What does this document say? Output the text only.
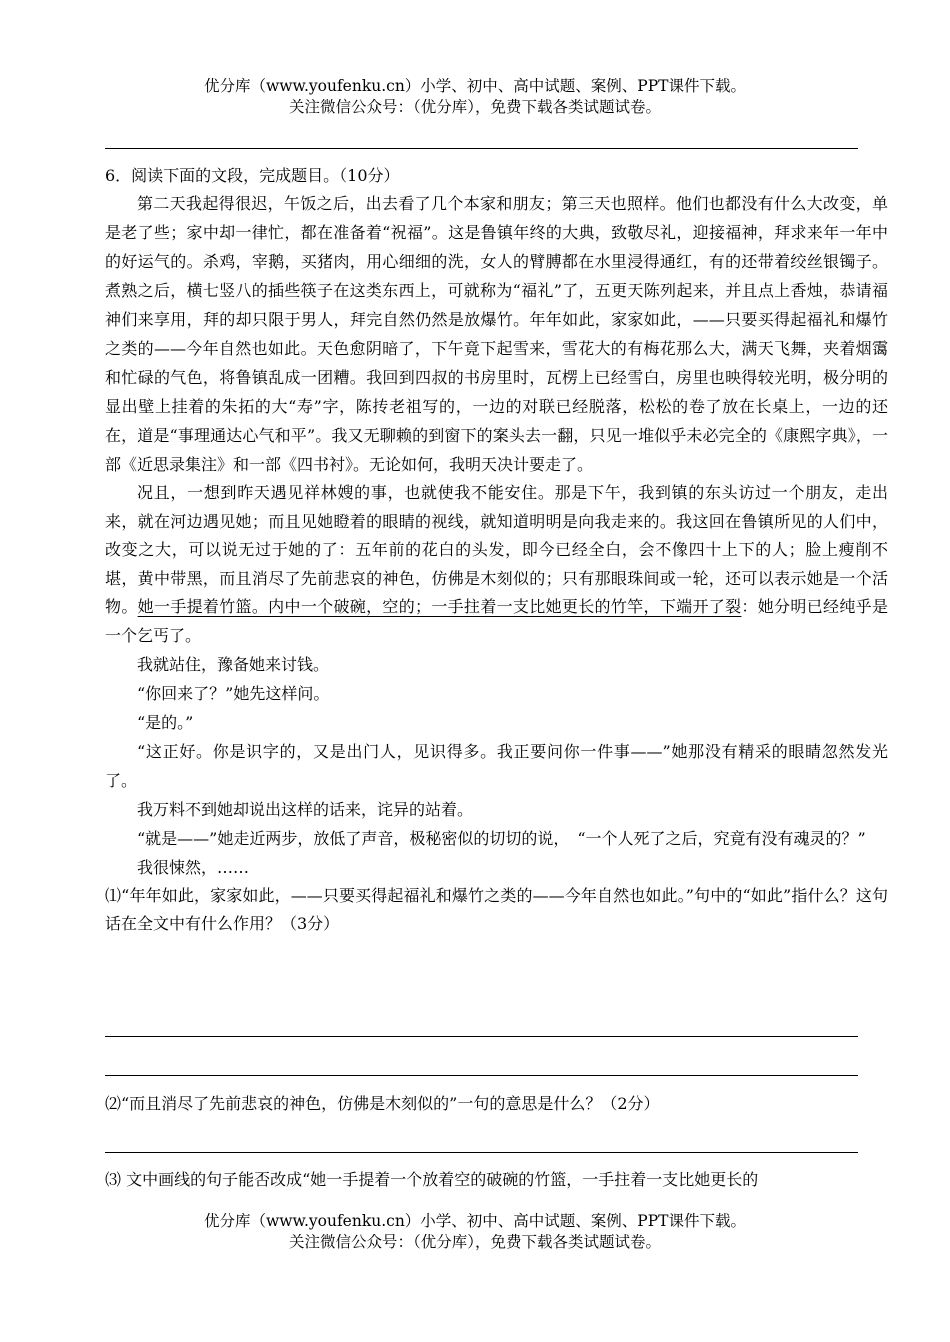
优分库（www.youfenku.cn）小学、初中、高中试题、案例、PPT课件下载。
关注微信公众号：（优分库），免费下载各类试题试卷。
6．阅读下面的文段，完成题目。（10分）

第二天我起得很迟，午饭之后，出去看了几个本家和朋友；第三天也照样。他们也都没有什么大改变，单是老了些；家中却一律忙，都在准备着“祝福”。这是鲁镇年终的大典，致敬尽礼，迎接福神，拜求来年一年中的好运气的。杀鸡，宰鹅，买猪肉，用心细细的洗，女人的臂膊都在水里浸得通红，有的还带着绞丝银镯子。煮熟之后，横七竖八的插些筷子在这类东西上，可就称为“福礼”了，五更天陈列起来，并且点上香烛，恭请福神们来享用，拜的却只限于男人，拜完自然仍然是放爆竹。年年如此，家家如此，——只要买得起福礼和爆竹之类的——今年自然也如此。天色愈阴暗了，下午竟下起雪来，雪花大的有梅花那么大，满天飞舞，夹着烟霭和忙碌的气色，将鲁镇乱成一团糟。我回到四叔的书房里时，瓦楞上已经雪白，房里也映得较光明，极分明的显出壁上挂着的朱拓的大“寿”字，陈抟老祖写的，一边的对联已经脱落，松松的卷了放在长桌上，一边的还在，道是“事理通达心气和平”。我又无聊赖的到窗下的案头去一翻，只见一堆似乎未必完全的《康熙字典》，一部《近思录集注》和一部《四书衬》。无论如何，我明天决计要走了。

况且，一想到昨天遇见祥林嫂的事，也就使我不能安住。那是下午，我到镇的东头访过一个朋友，走出来，就在河边遇见她；而且见她瞪着的眼睛的视线，就知道明明是向我走来的。我这回在鲁镇所见的人们中，改变之大，可以说无过于她的了：五年前的花白的头发，即今已经全白，会不像四十上下的人；脸上瘦削不堪，黄中带黑，而且消尽了先前悲哀的神色，仿佛是木刻似的；只有那眼珠间或一轮，还可以表示她是一个活物。她一手提着竹篮。内中一个破碗，空的；一手拄着一支比她更长的竹竿，下端开了裂：她分明已经纯乎是一个乞丐了。

我就站住，豫备她来讨钱。

“你回来了？”她先这样问。

“是的。”

“这正好。你是识字的，又是出门人，见识得多。我正要问你一件事——”她那没有精采的眼睛忽然发光了。

我万料不到她却说出这样的话来，诧异的站着。

“就是——”她走近两步，放低了声音，极秘密似的切切的说，　“一个人死了之后，究竟有没有魂灵的？”

我很悚然，……

⑴“年年如此，家家如此，——只要买得起福礼和爆竹之类的——今年自然也如此。”句中的“如此”指什么？这句话在全文中有什么作用？（3分）

⑵“而且消尽了先前悲哀的神色，仿佛是木刻似的”一句的意思是什么？（2分）
⑶ 文中画线的句子能否改成“她一手提着一个放着空的破碗的竹篮，一手拄着一支比她更长的
优分库（www.youfenku.cn）小学、初中、高中试题、案例、PPT课件下载。
关注微信公众号：（优分库），免费下载各类试题试卷。
